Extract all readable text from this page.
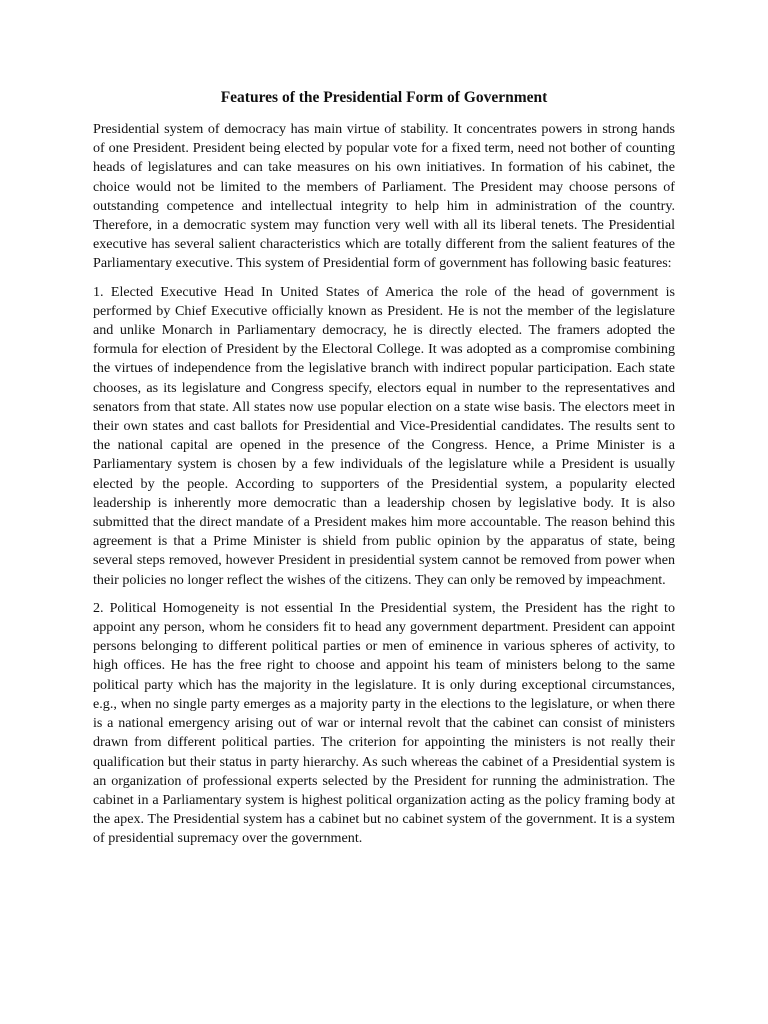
Features of the Presidential Form of Government

Presidential system of democracy has main virtue of stability. It concentrates powers in strong hands of one President. President being elected by popular vote for a fixed term, need not bother of counting heads of legislatures and can take measures on his own initiatives. In formation of his cabinet, the choice would not be limited to the members of Parliament. The President may choose persons of outstanding competence and intellectual integrity to help him in administration of the country. Therefore, in a democratic system may function very well with all its liberal tenets. The Presidential executive has several salient characteristics which are totally different from the salient features of the Parliamentary executive. This system of Presidential form of government has following basic features:

1. Elected Executive Head In United States of America the role of the head of government is performed by Chief Executive officially known as President. He is not the member of the legislature and unlike Monarch in Parliamentary democracy, he is directly elected. The framers adopted the formula for election of President by the Electoral College. It was adopted as a compromise combining the virtues of independence from the legislative branch with indirect popular participation. Each state chooses, as its legislature and Congress specify, electors equal in number to the representatives and senators from that state. All states now use popular election on a state wise basis. The electors meet in their own states and cast ballots for Presidential and Vice-Presidential candidates. The results sent to the national capital are opened in the presence of the Congress. Hence, a Prime Minister is a Parliamentary system is chosen by a few individuals of the legislature while a President is usually elected by the people. According to supporters of the Presidential system, a popularity elected leadership is inherently more democratic than a leadership chosen by legislative body. It is also submitted that the direct mandate of a President makes him more accountable. The reason behind this agreement is that a Prime Minister is shield from public opinion by the apparatus of state, being several steps removed, however President in presidential system cannot be removed from power when their policies no longer reflect the wishes of the citizens. They can only be removed by impeachment.

2. Political Homogeneity is not essential In the Presidential system, the President has the right to appoint any person, whom he considers fit to head any government department. President can appoint persons belonging to different political parties or men of eminence in various spheres of activity, to high offices. He has the free right to choose and appoint his team of ministers belong to the same political party which has the majority in the legislature. It is only during exceptional circumstances, e.g., when no single party emerges as a majority party in the elections to the legislature, or when there is a national emergency arising out of war or internal revolt that the cabinet can consist of ministers drawn from different political parties. The criterion for appointing the ministers is not really their qualification but their status in party hierarchy. As such whereas the cabinet of a Presidential system is an organization of professional experts selected by the President for running the administration. The cabinet in a Parliamentary system is highest political organization acting as the policy framing body at the apex. The Presidential system has a cabinet but no cabinet system of the government. It is a system of presidential supremacy over the government.
